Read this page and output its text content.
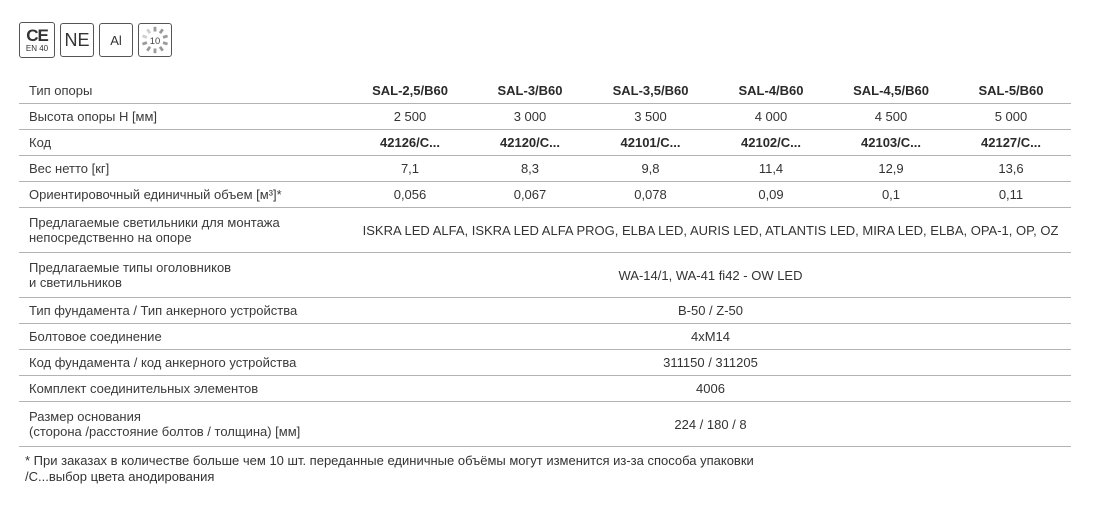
CE
EN 40 NE Al	10
Тип опоры	SAL-2,5/B60	SAL-3/B60	SAL-3,5/B60	SAL-4/B60	SAL-4,5/B60	SAL-5/B60
Высота опоры H [мм]	2 500	3 000	3 500	4 000	4 500	5 000
Код	42126/C...	42120/C...	42101/C...	42102/C...	42103/C...	42127/C...
Вес нетто [кг]	7,1	8,3	9,8	11,4	12,9	13,6
Ориентировочный единичный объем [м³]*	0,056	0,067	0,078	0,09	0,1	0,11
Предлагаемые светильники для монтажа
непосредственно на опоре	ISKRA LED ALFA, ISKRA LED ALFA PROG, ELBA LED, AURIS LED, ATLANTIS LED, MIRA LED, ELBA, OPA-1, OP, OZ					
Предлагаемые типы оголовников
и светильников	WA-14/1, WA-41 fi42 - OW LED					
Тип фундамента / Тип анкерного устройства	B-50 / Z-50					
Болтовое соединение	4xM14					
Код фундамента / код анкерного устройства	311150 / 311205					
Комплект соединительных элементов	4006					
Размер основания
(сторона /расстояние болтов / толщина) [мм]	224 / 180 / 8					
* При заказах в количестве больше чем 10 шт. переданные единичные объёмы могут изменится из-за способа упаковки
/С...выбор цвета анодирования
